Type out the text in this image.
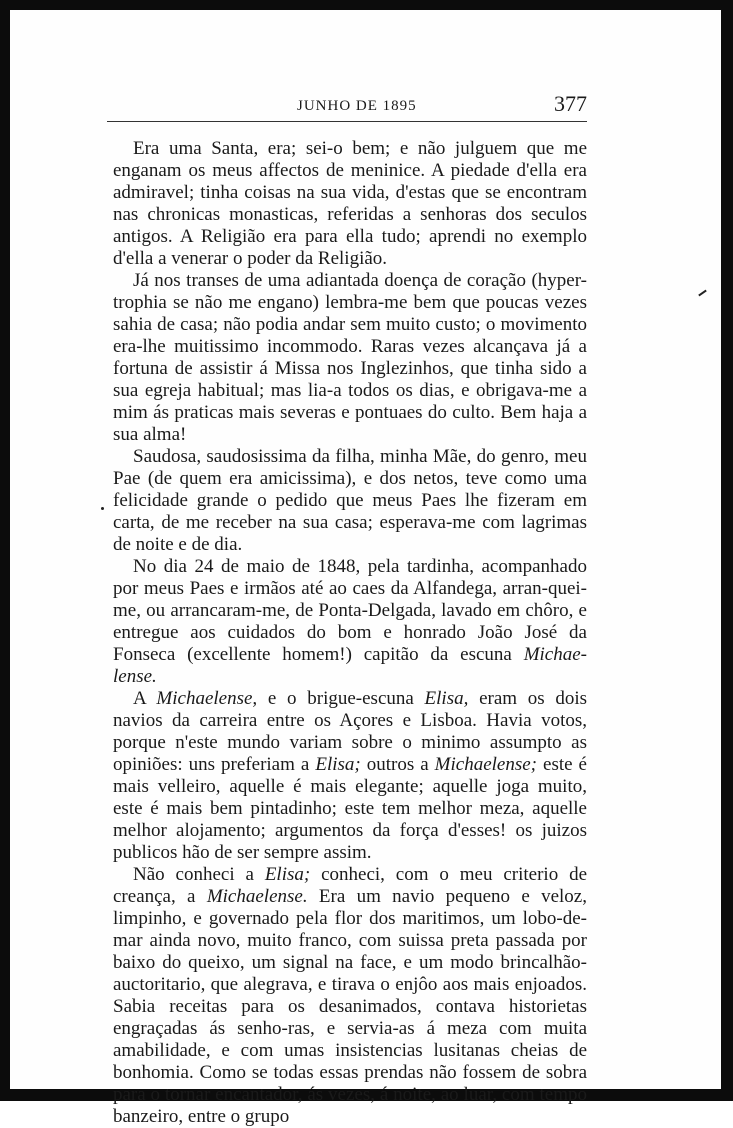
JUNHO DE 1895	377

Era uma Santa, era; sei-o bem; e não julguem que me enganam os meus affectos de meninice. A piedade d'ella era admiravel; tinha coisas na sua vida, d'estas que se encontram nas chronicas monasticas, referidas a senhoras dos seculos antigos. A Religião era para ella tudo; aprendi no exemplo d'ella a venerar o poder da Religião.

Já nos transes de uma adiantada doença de coração (hyper-trophia se não me engano) lembra-me bem que poucas vezes sahia de casa; não podia andar sem muito custo; o movimento era-lhe muitissimo incommodo. Raras vezes alcançava já a fortuna de assistir á Missa nos Inglezinhos, que tinha sido a sua egreja habitual; mas lia-a todos os dias, e obrigava-me a mim ás praticas mais severas e pontuaes do culto. Bem haja a sua alma!

Saudosa, saudosissima da filha, minha Mãe, do genro, meu Pae (de quem era amicissima), e dos netos, teve como uma felicidade grande o pedido que meus Paes lhe fizeram em carta, de me receber na sua casa; esperava-me com lagrimas de noite e de dia.

No dia 24 de maio de 1848, pela tardinha, acompanhado por meus Paes e irmãos até ao caes da Alfandega, arran-quei-me, ou arrancaram-me, de Ponta-Delgada, lavado em chôro, e entregue aos cuidados do bom e honrado João José da Fonseca (excellente homem!) capitão da escuna Michae-lense.

A Michaelense, e o brigue-escuna Elisa, eram os dois navios da carreira entre os Açores e Lisboa. Havia votos, porque n'este mundo variam sobre o minimo assumpto as opiniões: uns preferiam a Elisa; outros a Michaelense; este é mais velleiro, aquelle é mais elegante; aquelle joga muito, este é mais bem pintadinho; este tem melhor meza, aquelle melhor alojamento; argumentos da força d'esses! os juizos publicos hão de ser sempre assim.

Não conheci a Elisa; conheci, com o meu criterio de creança, a Michaelense. Era um navio pequeno e veloz, limpinho, e governado pela flor dos maritimos, um lobo-de-mar ainda novo, muito franco, com suissa preta passada por baixo do queixo, um signal na face, e um modo brincalhão-auctoritario, que alegrava, e tirava o enjôo aos mais enjoados. Sabia receitas para os desanimados, contava historietas engraçadas ás senho-ras, e servia-as á meza com muita amabilidade, e com umas insistencias lusitanas cheias de bonhomia. Como se todas essas prendas não fossem de sobra para o tornar encantador, ás vezes, á noite, ao luar, com tempo banzeiro, entre o grupo
